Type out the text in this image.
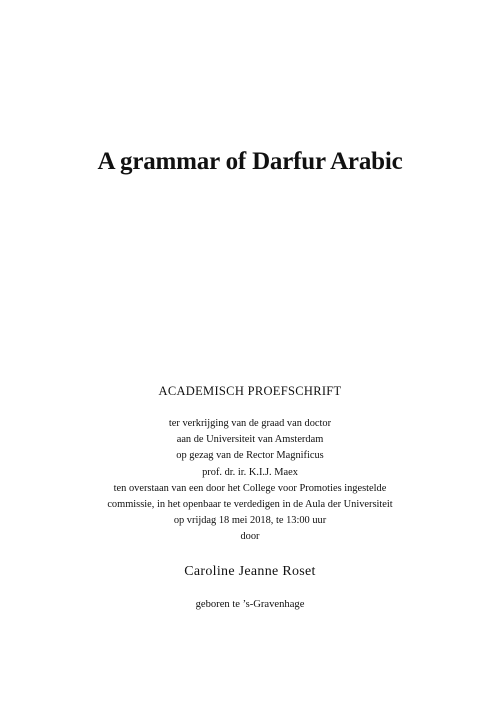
A grammar of Darfur Arabic
ACADEMISCH PROEFSCHRIFT
ter verkrijging van de graad van doctor
aan de Universiteit van Amsterdam
op gezag van de Rector Magnificus
prof. dr. ir. K.I.J. Maex
ten overstaan van een door het College voor Promoties ingestelde
commissie, in het openbaar te verdedigen in de Aula der Universiteit
op vrijdag 18 mei 2018, te 13:00 uur
door
Caroline Jeanne Roset
geboren te ’s-Gravenhage
